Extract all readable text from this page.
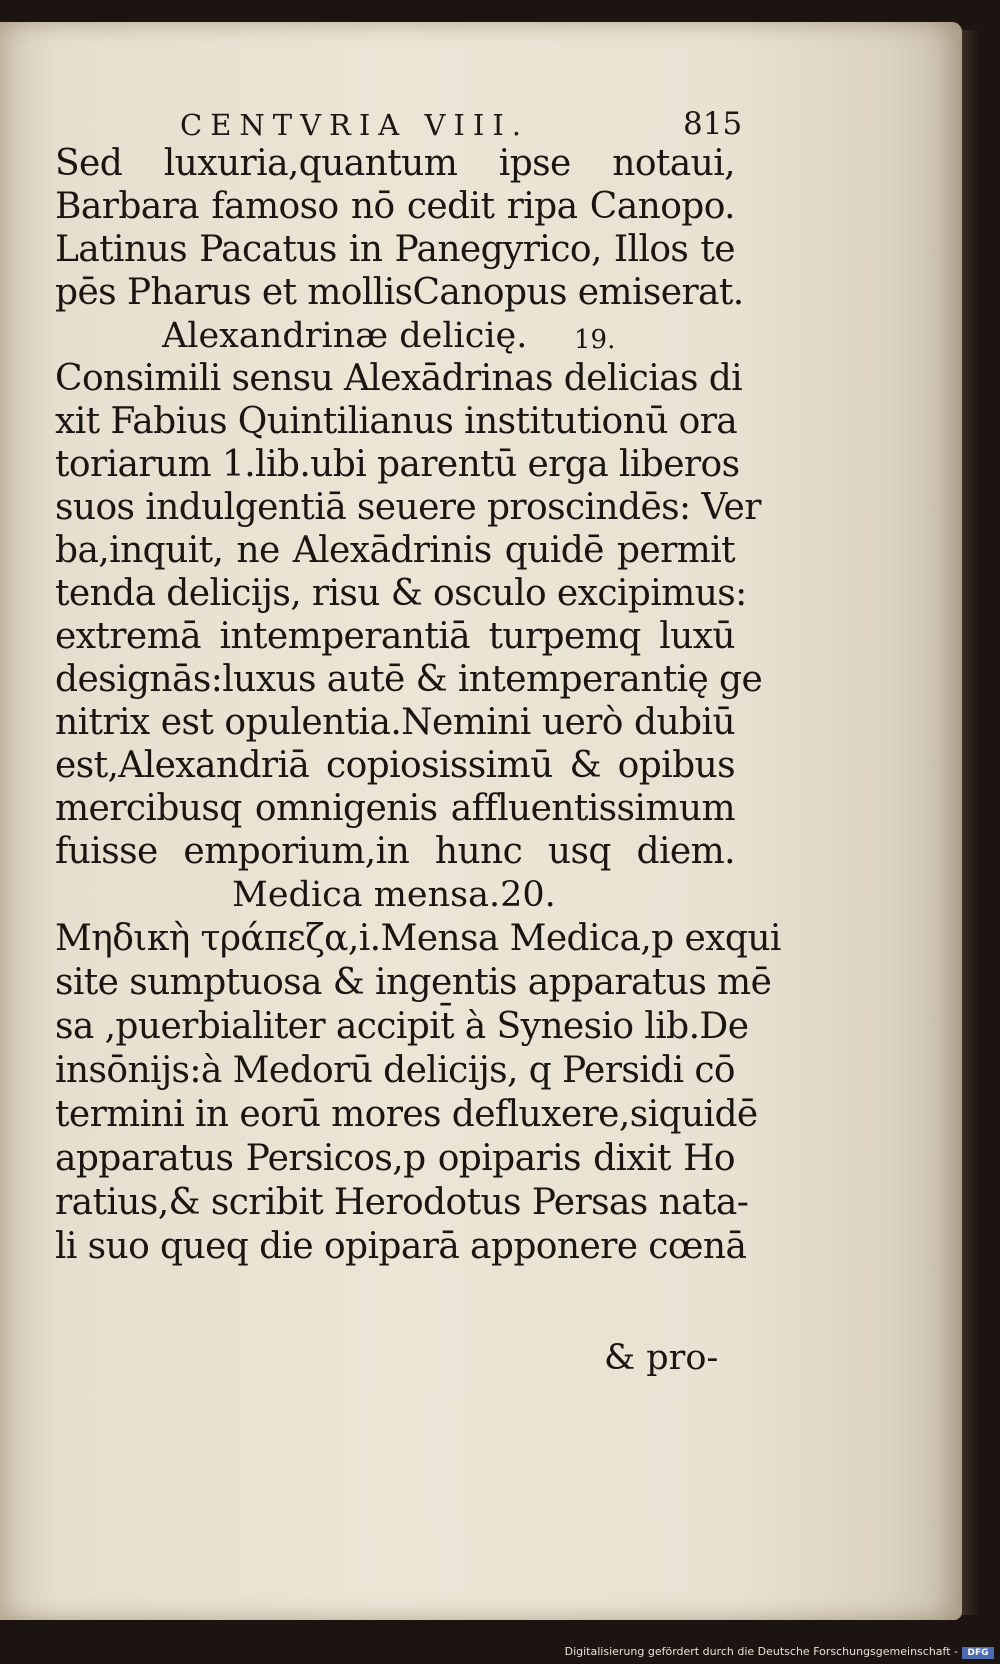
CENTVRIA VIII.	815

Sed luxuria,quantum ipse notaui,

Barbara famoso nō cedit ripa Canopo.

Latinus Pacatus in Panegyrico, Illos te

pēs Pharus et mollisCanopus emiserat.

Alexandrinæ delicię. 19.

Consimili sensu Alexādrinas delicias di

xit Fabius Quintilianus institutionū ora

toriarum 1.lib.ubi parentū erga liberos

suos indulgentiā seuere proscindēs: Ver

ba,inquit, ne Alexādrinis quidē permit

tenda delicijs, risu & osculo excipimus:

extremā intemperantiā turpemq luxū

designās:luxus autē & intemperantię ge

nitrix est opulentia.Nemini uerò dubiū

est,Alexandriā copiosissimū & opibus

mercibusq omnigenis affluentissimum

fuisse emporium,in hunc usq diem.

Medica mensa.20.

Μηδικὴ τράπεζα,i.Mensa Medica,p exqui

site sumptuosa & ingentis apparatus mē

sa ,puerbialiter accipit̄ à Synesio lib.De

insōnijs:à Medorū delicijs, q Persidi cō

termini in eorū mores defluxere,siquidē

apparatus Persicos,p opiparis dixit Ho

ratius,& scribit Herodotus Persas nata-

li suo queq die opiparā apponere cœnā

& pro-

Digitalisierung gefördert durch die Deutsche Forschungsgemeinschaft -	DFG
